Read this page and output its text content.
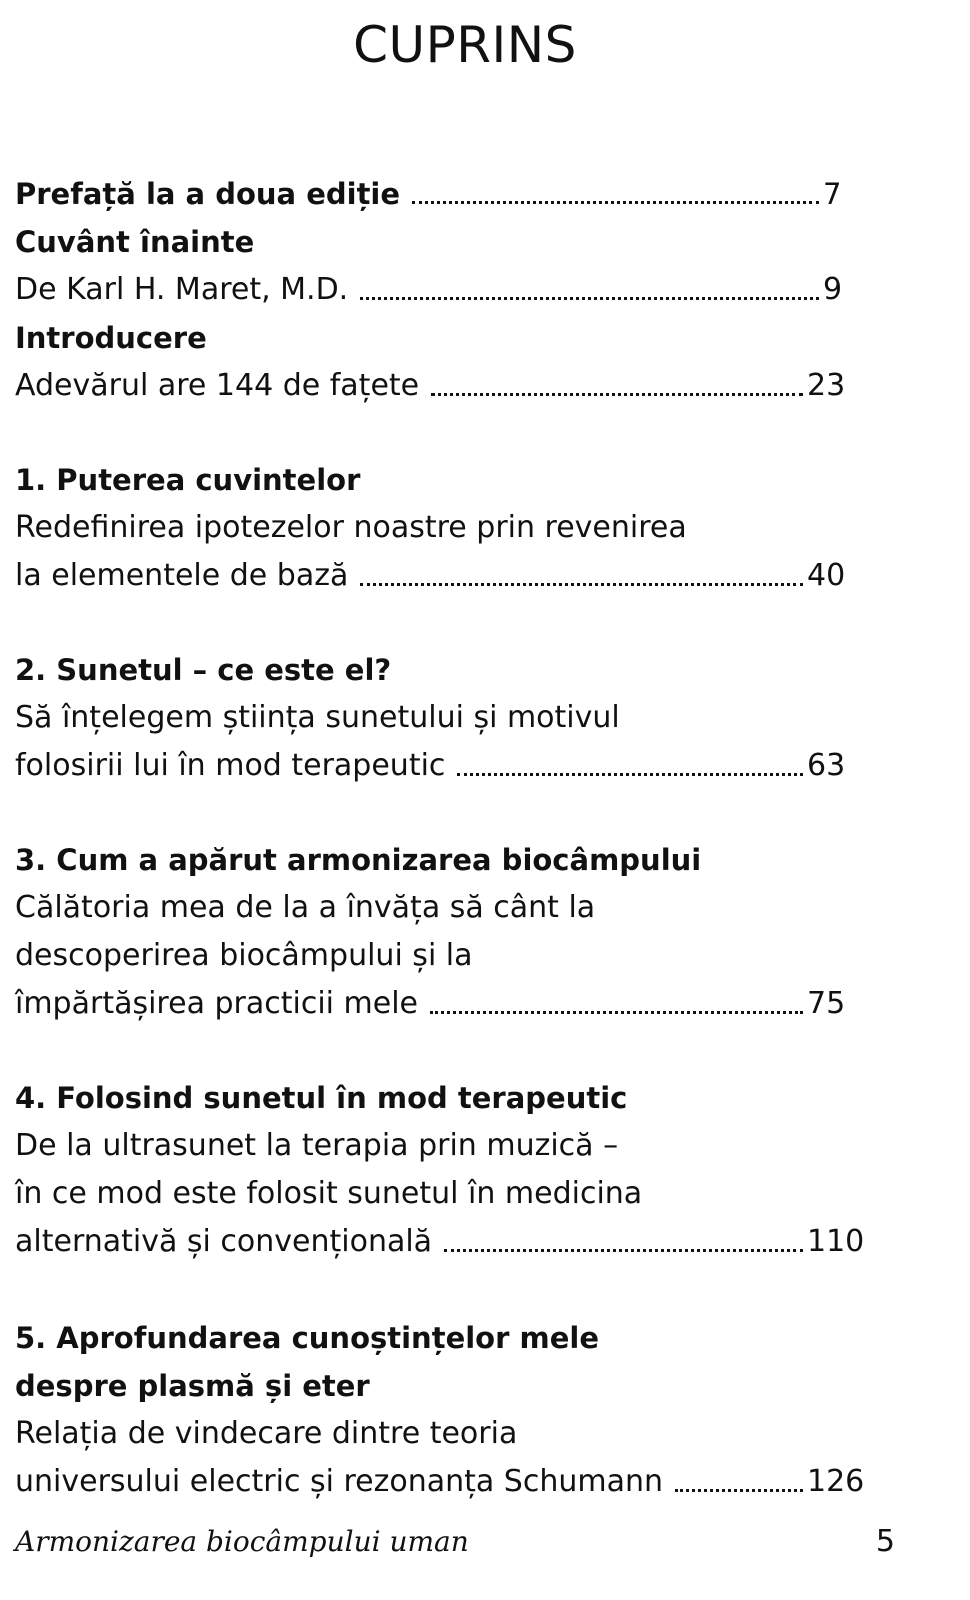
CUPRINS
Prefață la a doua ediție	7
Cuvânt înainte
De Karl H. Maret, M.D.	9
Introducere
Adevărul are 144 de fațete	23
1. Puterea cuvintelor
Redefinirea ipotezelor noastre prin revenirea
la elementele de bază	40
2. Sunetul – ce este el?
Să înțelegem știința sunetului și motivul
folosirii lui în mod terapeutic	63
3. Cum a apărut armonizarea biocâmpului
Călătoria mea de la a învăța să cânt la
descoperirea biocâmpului și la
împărtășirea practicii mele	75
4. Folosind sunetul în mod terapeutic
De la ultrasunet la terapia prin muzică –
în ce mod este folosit sunetul în medicina
alternativă și convențională	110
5. Aprofundarea cunoștințelor mele
despre plasmă și eter
Relația de vindecare dintre teoria
universului electric și rezonanța Schumann	126
Armonizarea biocâmpului uman	5
